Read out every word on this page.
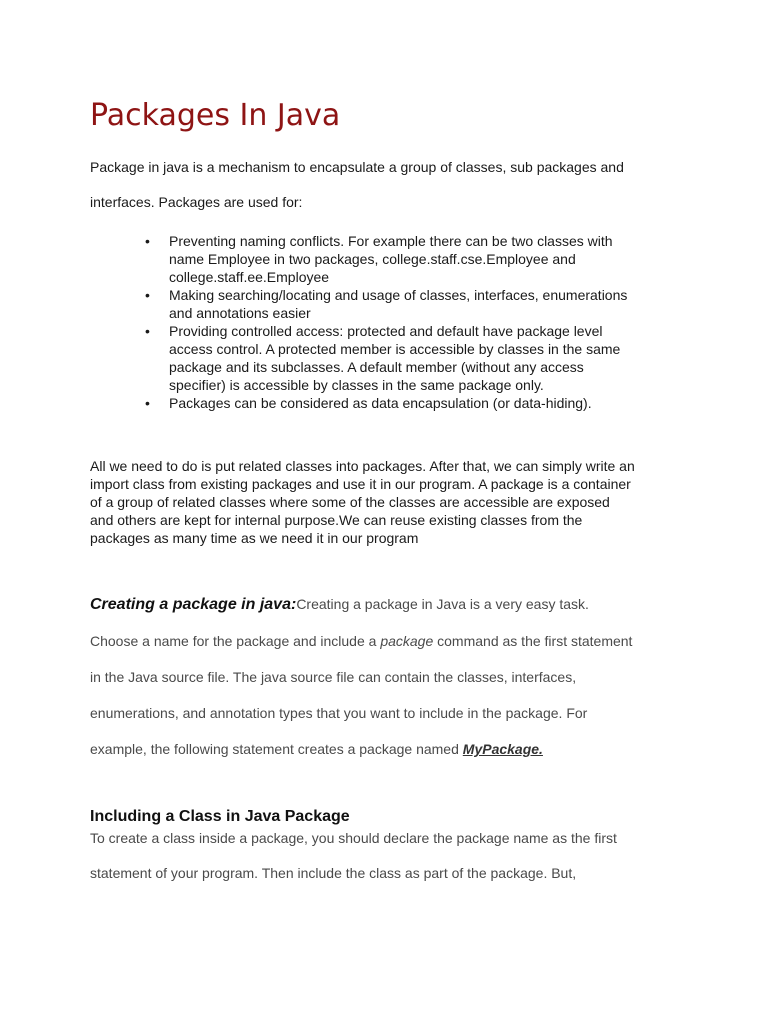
Packages In Java

Package in java is a mechanism to encapsulate a group of classes, sub packages and
interfaces. Packages are used for:

• Preventing naming conflicts. For example there can be two classes with
name Employee in two packages, college.staff.cse.Employee and
college.staff.ee.Employee
• Making searching/locating and usage of classes, interfaces, enumerations
and annotations easier
• Providing controlled access: protected and default have package level
access control. A protected member is accessible by classes in the same
package and its subclasses. A default member (without any access
specifier) is accessible by classes in the same package only.
• Packages can be considered as data encapsulation (or data-hiding).

All we need to do is put related classes into packages. After that, we can simply write an
import class from existing packages and use it in our program. A package is a container
of a group of related classes where some of the classes are accessible are exposed
and others are kept for internal purpose.We can reuse existing classes from the
packages as many time as we need it in our program

Creating a package in java:Creating a package in Java is a very easy task.
Choose a name for the package and include a package command as the first statement
in the Java source file. The java source file can contain the classes, interfaces,
enumerations, and annotation types that you want to include in the package. For
example, the following statement creates a package named MyPackage.
Including a Class in Java Package

To create a class inside a package, you should declare the package name as the first
statement of your program. Then include the class as part of the package. But,
